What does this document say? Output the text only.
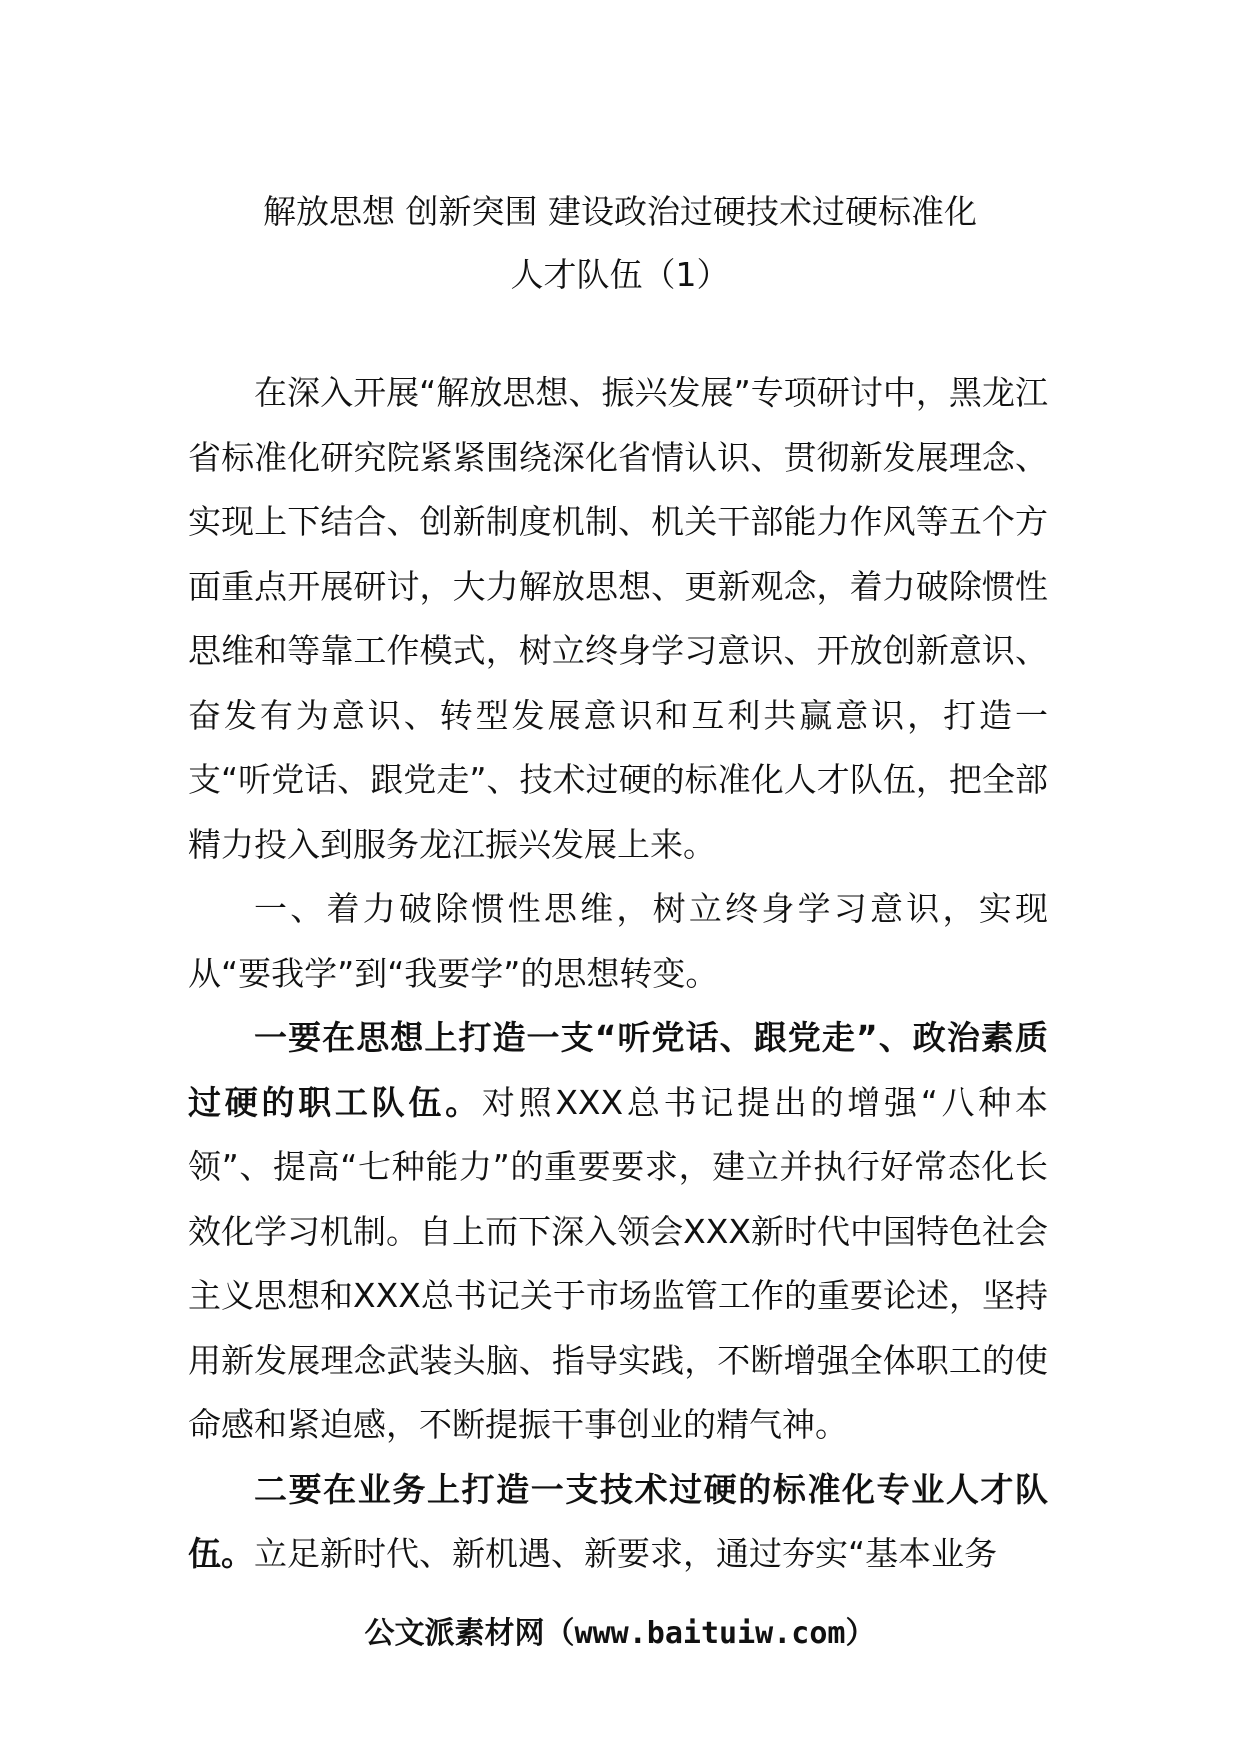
解放思想 创新突围 建设政治过硬技术过硬标准化
人才队伍（1）

在深入开展“解放思想、振兴发展”专项研讨中，黑龙江省标准化研究院紧紧围绕深化省情认识、贯彻新发展理念、实现上下结合、创新制度机制、机关干部能力作风等五个方面重点开展研讨，大力解放思想、更新观念，着力破除惯性思维和等靠工作模式，树立终身学习意识、开放创新意识、奋发有为意识、转型发展意识和互利共赢意识，打造一支“听党话、跟党走”、技术过硬的标准化人才队伍，把全部精力投入到服务龙江振兴发展上来。

一、着力破除惯性思维，树立终身学习意识，实现从“要我学”到“我要学”的思想转变。

一要在思想上打造一支“听党话、跟党走”、政治素质过硬的职工队伍。对照XXX总书记提出的增强“八种本领”、提高“七种能力”的重要要求，建立并执行好常态化长效化学习机制。自上而下深入领会XXX新时代中国特色社会主义思想和XXX总书记关于市场监管工作的重要论述，坚持用新发展理念武装头脑、指导实践，不断增强全体职工的使命感和紧迫感，不断提振干事创业的精气神。

二要在业务上打造一支技术过硬的标准化专业人才队伍。立足新时代、新机遇、新要求，通过夯实“基本业务

公文派素材网（www.baituiw.com）
